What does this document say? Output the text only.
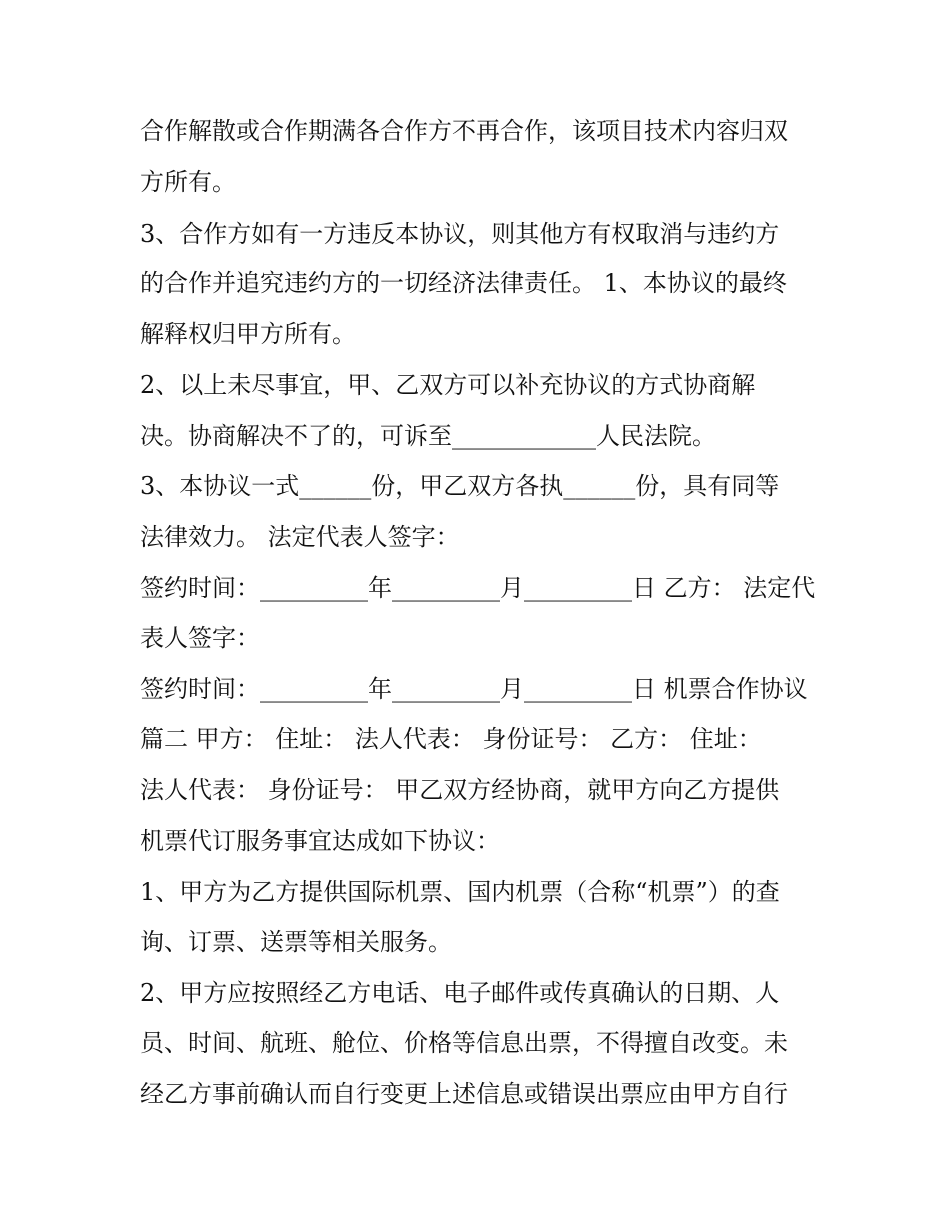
合作解散或合作期满各合作方不再合作，该项目技术内容归双
方所有。
3、合作方如有一方违反本协议，则其他方有权取消与违约方
的合作并追究违约方的一切经济法律责任。 1、本协议的最终
解释权归甲方所有。
2、以上未尽事宜，甲、乙双方可以补充协议的方式协商解
决。协商解决不了的，可诉至____________人民法院。
3、本协议一式______份，甲乙双方各执______份，具有同等
法律效力。 法定代表人签字：
签约时间：_________年_________月_________日 乙方： 法定代
表人签字：
签约时间：_________年_________月_________日 机票合作协议
篇二 甲方： 住址： 法人代表： 身份证号： 乙方： 住址：
法人代表： 身份证号： 甲乙双方经协商，就甲方向乙方提供
机票代订服务事宜达成如下协议：
1、甲方为乙方提供国际机票、国内机票（合称“机票”）的查
询、订票、送票等相关服务。
2、甲方应按照经乙方电话、电子邮件或传真确认的日期、人
员、时间、航班、舱位、价格等信息出票，不得擅自改变。未
经乙方事前确认而自行变更上述信息或错误出票应由甲方自行
